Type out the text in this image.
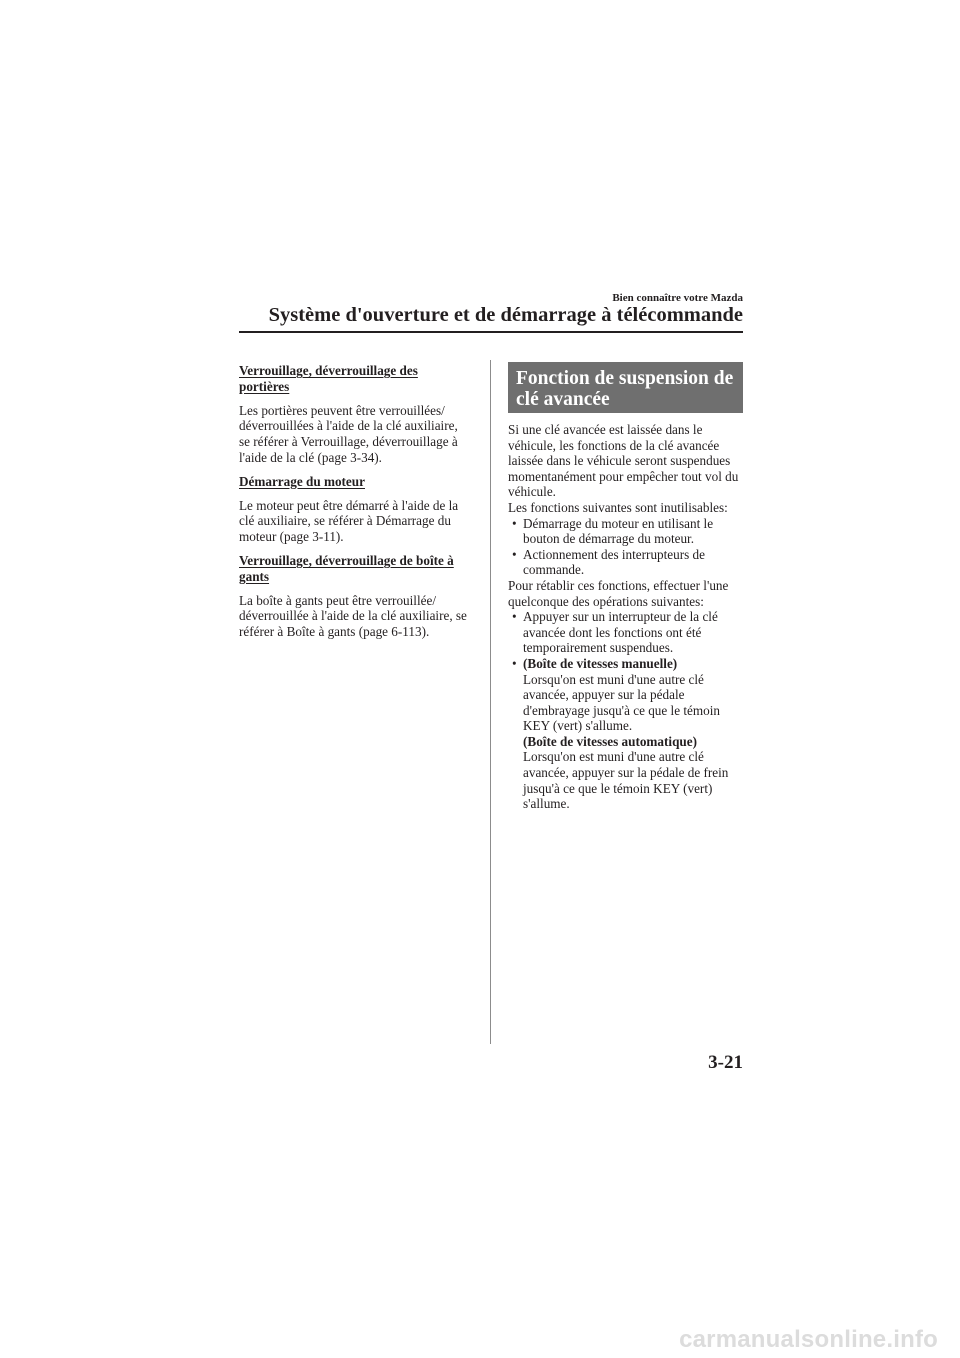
Bien connaître votre Mazda
Système d'ouverture et de démarrage à télécommande
Verrouillage, déverrouillage des portières
Les portières peuvent être verrouillées/ déverrouillées à l'aide de la clé auxiliaire, se référer à Verrouillage, déverrouillage à l'aide de la clé (page 3-34).
Démarrage du moteur
Le moteur peut être démarré à l'aide de la clé auxiliaire, se référer à Démarrage du moteur (page 3-11).
Verrouillage, déverrouillage de boîte à gants
La boîte à gants peut être verrouillée/ déverrouillée à l'aide de la clé auxiliaire, se référer à Boîte à gants (page 6-113).
Fonction de suspension de clé avancée
Si une clé avancée est laissée dans le véhicule, les fonctions de la clé avancée laissée dans le véhicule seront suspendues momentanément pour empêcher tout vol du véhicule.
Les fonctions suivantes sont inutilisables:
• Démarrage du moteur en utilisant le bouton de démarrage du moteur.
• Actionnement des interrupteurs de commande.
Pour rétablir ces fonctions, effectuer l'une quelconque des opérations suivantes:
• Appuyer sur un interrupteur de la clé avancée dont les fonctions ont été temporairement suspendues.
• (Boîte de vitesses manuelle)
Lorsqu'on est muni d'une autre clé avancée, appuyer sur la pédale d'embrayage jusqu'à ce que le témoin KEY (vert) s'allume.
(Boîte de vitesses automatique)
Lorsqu'on est muni d'une autre clé avancée, appuyer sur la pédale de frein jusqu'à ce que le témoin KEY (vert) s'allume.
3-21
carmanualsonline.info
